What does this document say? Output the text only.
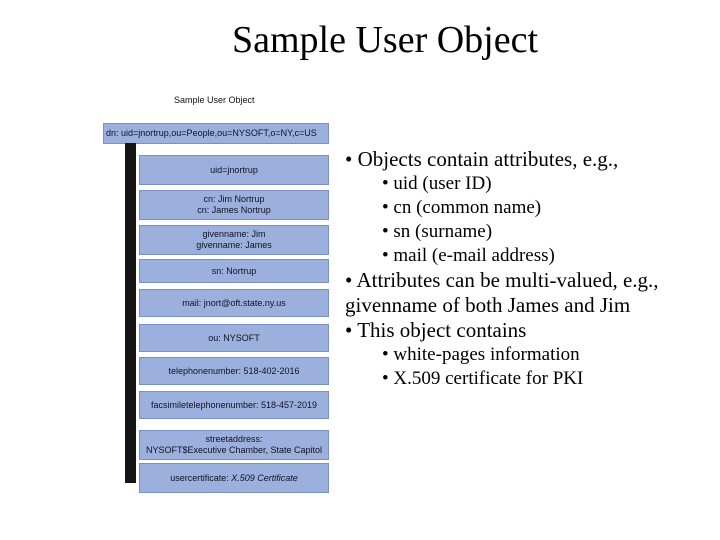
Sample User Object
Sample User Object
dn: uid=jnortrup,ou=People,ou=NYSOFT,o=NY,c=US
uid=jnortrup
cn: Jim Nortrup
cn: James Nortrup
givenname: Jim
givenname: James
sn: Nortrup
mail: jnort@oft.state.ny.us
ou: NYSOFT
telephonenumber: 518-402-2016
facsimiletelephonenumber: 518-457-2019
streetaddress:
NYSOFT$Executive Chamber, State Capitol
usercertificate: X.509 Certificate
• Objects contain attributes, e.g.,
• uid (user ID)
• cn (common name)
• sn (surname)
• mail (e-mail address)
• Attributes can be multi-valued, e.g., givenname of both James and Jim
• This object contains
• white-pages information
• X.509 certificate for PKI
